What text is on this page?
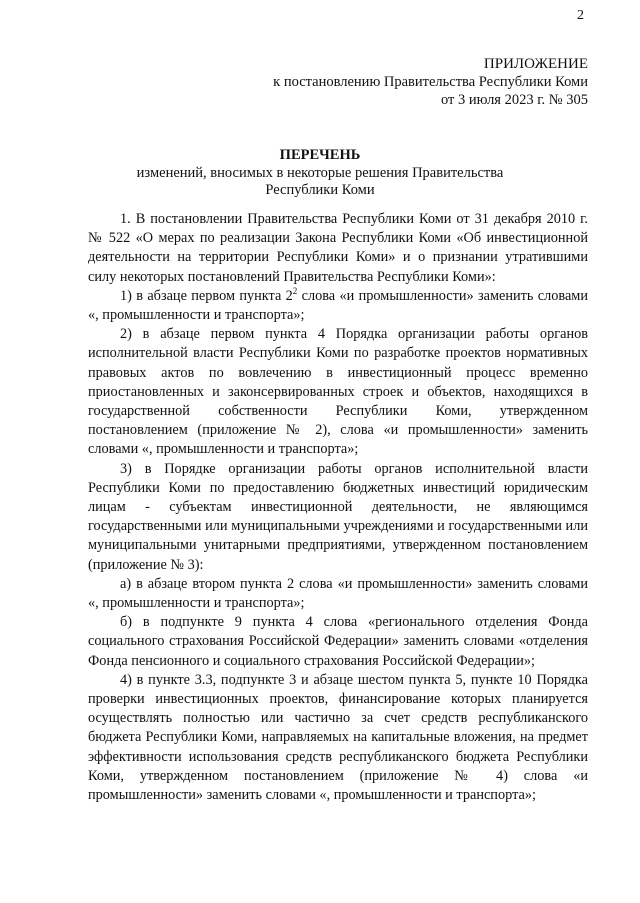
2
ПРИЛОЖЕНИЕ
к постановлению Правительства Республики Коми
от 3 июля 2023 г. № 305
ПЕРЕЧЕНЬ
изменений, вносимых в некоторые решения Правительства
Республики Коми

1. В постановлении Правительства Республики Коми от 31 декабря 2010 г. № 522 «О мерах по реализации Закона Республики Коми «Об инвестиционной деятельности на территории Республики Коми» и о признании утратившими силу некоторых постановлений Правительства Республики Коми»:

1) в абзаце первом пункта $2^2$ слова «и промышленности» заменить словами «, промышленности и транспорта»;

2) в абзаце первом пункта 4 Порядка организации работы органов исполнительной власти Республики Коми по разработке проектов нормативных правовых актов по вовлечению в инвестиционный процесс временно приостановленных и законсервированных строек и объектов, находящихся в государственной собственности Республики Коми, утвержденном постановлением (приложение № 2), слова «и промышленности» заменить словами «, промышленности и транспорта»;

3) в Порядке организации работы органов исполнительной власти Республики Коми по предоставлению бюджетных инвестиций юридическим лицам - субъектам инвестиционной деятельности, не являющимся государственными или муниципальными учреждениями и государственными или муниципальными унитарными предприятиями, утвержденном постановлением (приложение № 3):

а) в абзаце втором пункта 2 слова «и промышленности» заменить словами «, промышленности и транспорта»;

б) в подпункте 9 пункта 4 слова «регионального отделения Фонда социального страхования Российской Федерации» заменить словами «отделения Фонда пенсионного и социального страхования Российской Федерации»;

4) в пункте 3.3, подпункте 3 и абзаце шестом пункта 5, пункте 10 Порядка проверки инвестиционных проектов, финансирование которых планируется осуществлять полностью или частично за счет средств республиканского бюджета Республики Коми, направляемых на капитальные вложения, на предмет эффективности использования средств республиканского бюджета Республики Коми, утвержденном постановлением (приложение № 4) слова «и промышленности» заменить словами «, промышленности и транспорта»;
